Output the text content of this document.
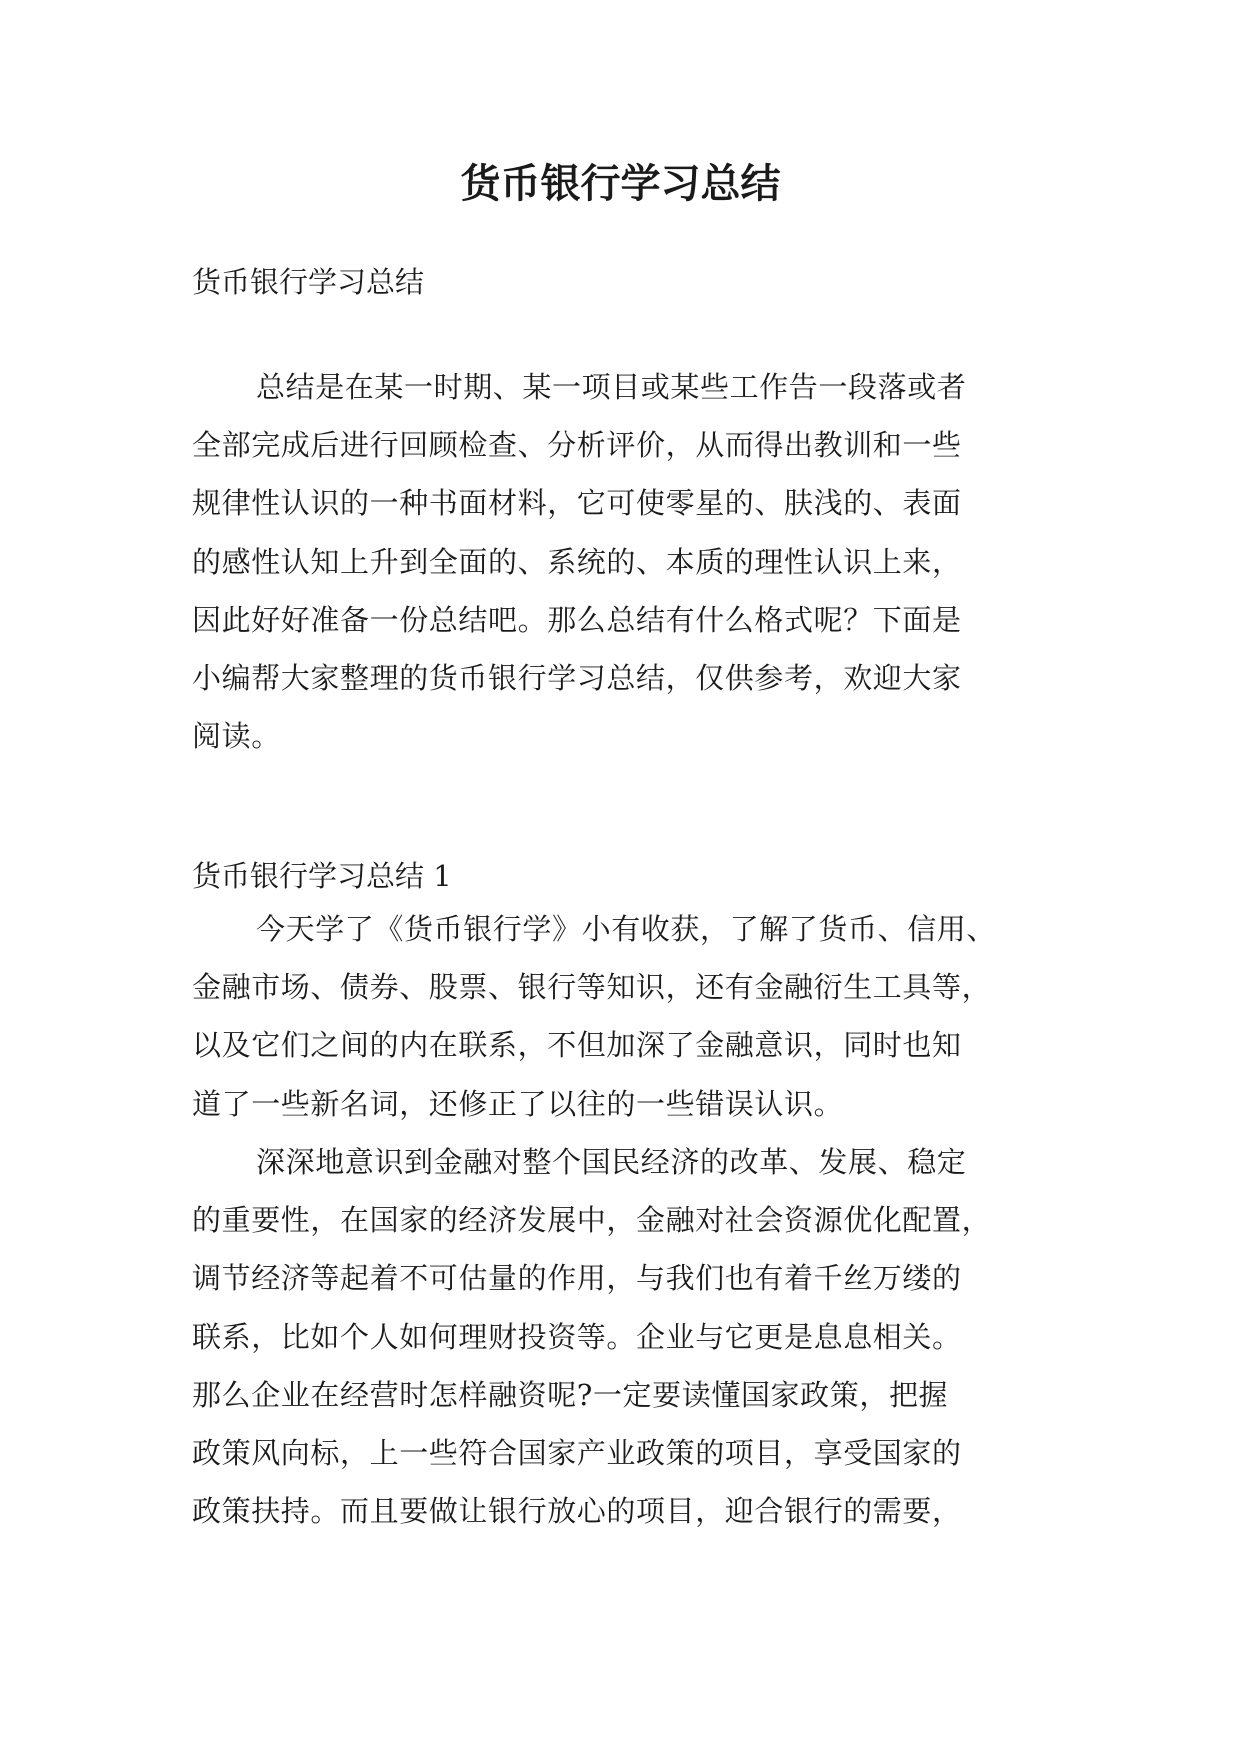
货币银行学习总结

货币银行学习总结

总结是在某一时期、某一项目或某些工作告一段落或者
全部完成后进行回顾检查、分析评价，从而得出教训和一些
规律性认识的一种书面材料，它可使零星的、肤浅的、表面
的感性认知上升到全面的、系统的、本质的理性认识上来，
因此好好准备一份总结吧。那么总结有什么格式呢？下面是
小编帮大家整理的货币银行学习总结，仅供参考，欢迎大家
阅读。

货币银行学习总结 1

今天学了《货币银行学》小有收获，了解了货币、信用、
金融市场、债券、股票、银行等知识，还有金融衍生工具等，
以及它们之间的内在联系，不但加深了金融意识，同时也知
道了一些新名词，还修正了以往的一些错误认识。
深深地意识到金融对整个国民经济的改革、发展、稳定
的重要性，在国家的经济发展中，金融对社会资源优化配置，
调节经济等起着不可估量的作用，与我们也有着千丝万缕的
联系，比如个人如何理财投资等。企业与它更是息息相关。
那么企业在经营时怎样融资呢?一定要读懂国家政策，把握
政策风向标，上一些符合国家产业政策的项目，享受国家的
政策扶持。而且要做让银行放心的项目，迎合银行的需要，
